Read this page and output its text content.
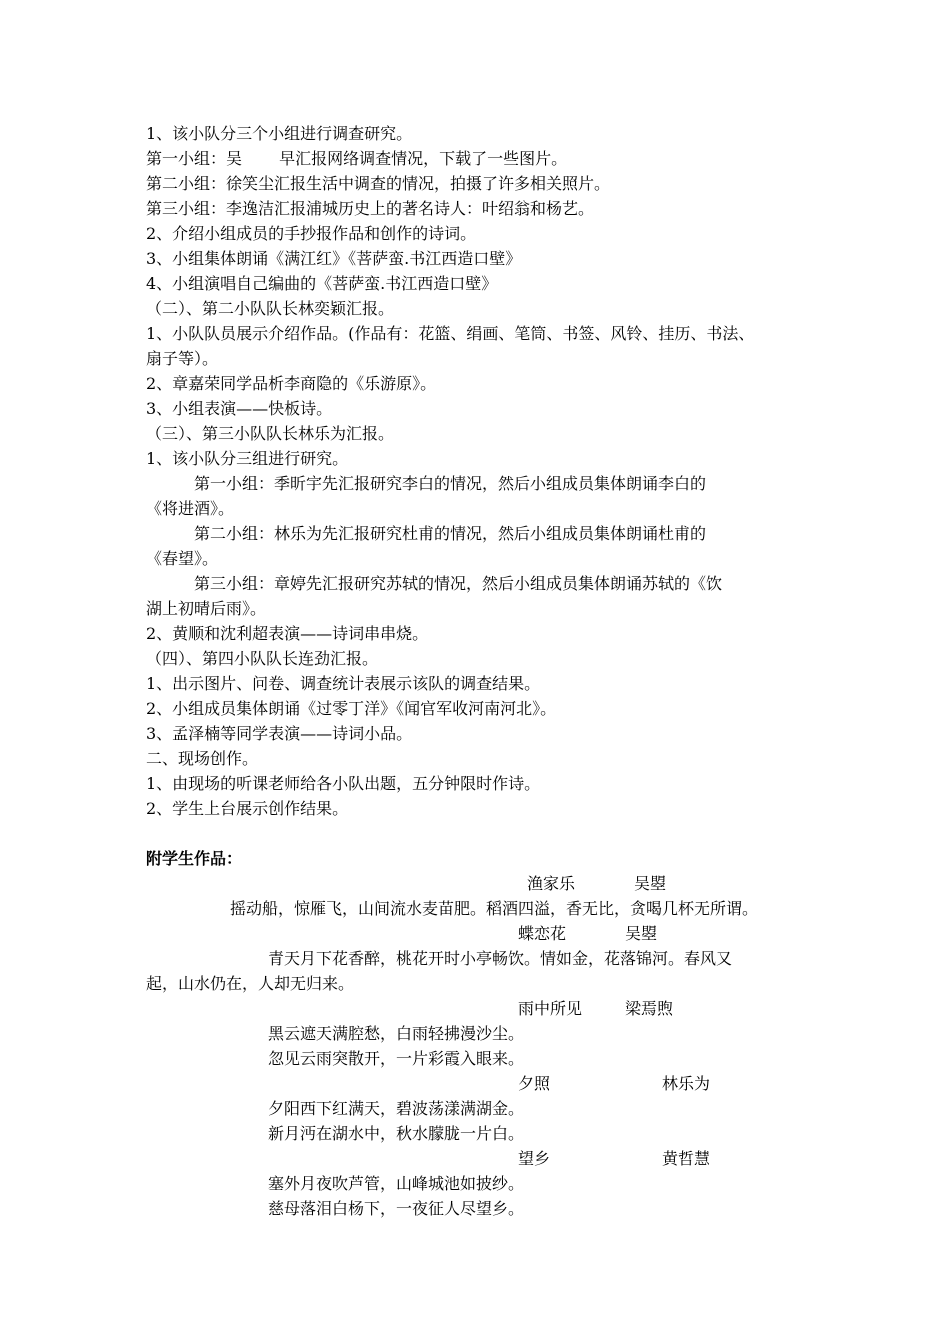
1、该小队分三个小组进行调查研究。
第一小组：吴　　 早汇报网络调查情况，下载了一些图片。
第二小组：徐笑尘汇报生活中调查的情况，拍摄了许多相关照片。
第三小组：李逸洁汇报浦城历史上的著名诗人：叶绍翁和杨艺。
2、介绍小组成员的手抄报作品和创作的诗词。
3、小组集体朗诵《满江红》《菩萨蛮.书江西造口壁》
4、小组演唱自己编曲的《菩萨蛮.书江西造口壁》
（二）、第二小队队长林奕颖汇报。
1、小队队员展示介绍作品。(作品有：花篮、绢画、笔筒、书签、风铃、挂历、书法、
扇子等）。
2、章嘉荣同学品析李商隐的《乐游原》。
3、小组表演——快板诗。
（三）、第三小队队长林乐为汇报。
1、该小队分三组进行研究。
第一小组：季昕宇先汇报研究李白的情况，然后小组成员集体朗诵李白的
《将进酒》。
第二小组：林乐为先汇报研究杜甫的情况，然后小组成员集体朗诵杜甫的
《春望》。
第三小组：章婷先汇报研究苏轼的情况，然后小组成员集体朗诵苏轼的《饮
湖上初晴后雨》。
2、黄顺和沈利超表演——诗词串串烧。
（四）、第四小队队长连劲汇报。
1、出示图片、问卷、调查统计表展示该队的调查结果。
2、小组成员集体朗诵《过零丁洋》《闻官军收河南河北》。
3、孟泽楠等同学表演——诗词小品。
二、现场创作。
1、由现场的听课老师给各小队出题，五分钟限时作诗。
2、学生上台展示创作结果。
附学生作品：
渔家乐	吴曌
摇动船，惊雁飞，山间流水麦苗肥。稻酒四溢，香无比，贪喝几杯无所谓。
蝶恋花	吴曌
青天月下花香醉，桃花开时小亭畅饮。情如金，花落锦河。春风又
起，山水仍在，人却无归来。
雨中所见	梁焉煦
黑云遮天满腔愁，白雨轻拂漫沙尘。
忽见云雨突散开，一片彩霞入眼来。
夕照	林乐为
夕阳西下红满天，碧波荡漾满湖金。
新月沔在湖水中，秋水朦胧一片白。
望乡	黄哲慧
塞外月夜吹芦管，山峰城池如披纱。
慈母落泪白杨下，一夜征人尽望乡。
